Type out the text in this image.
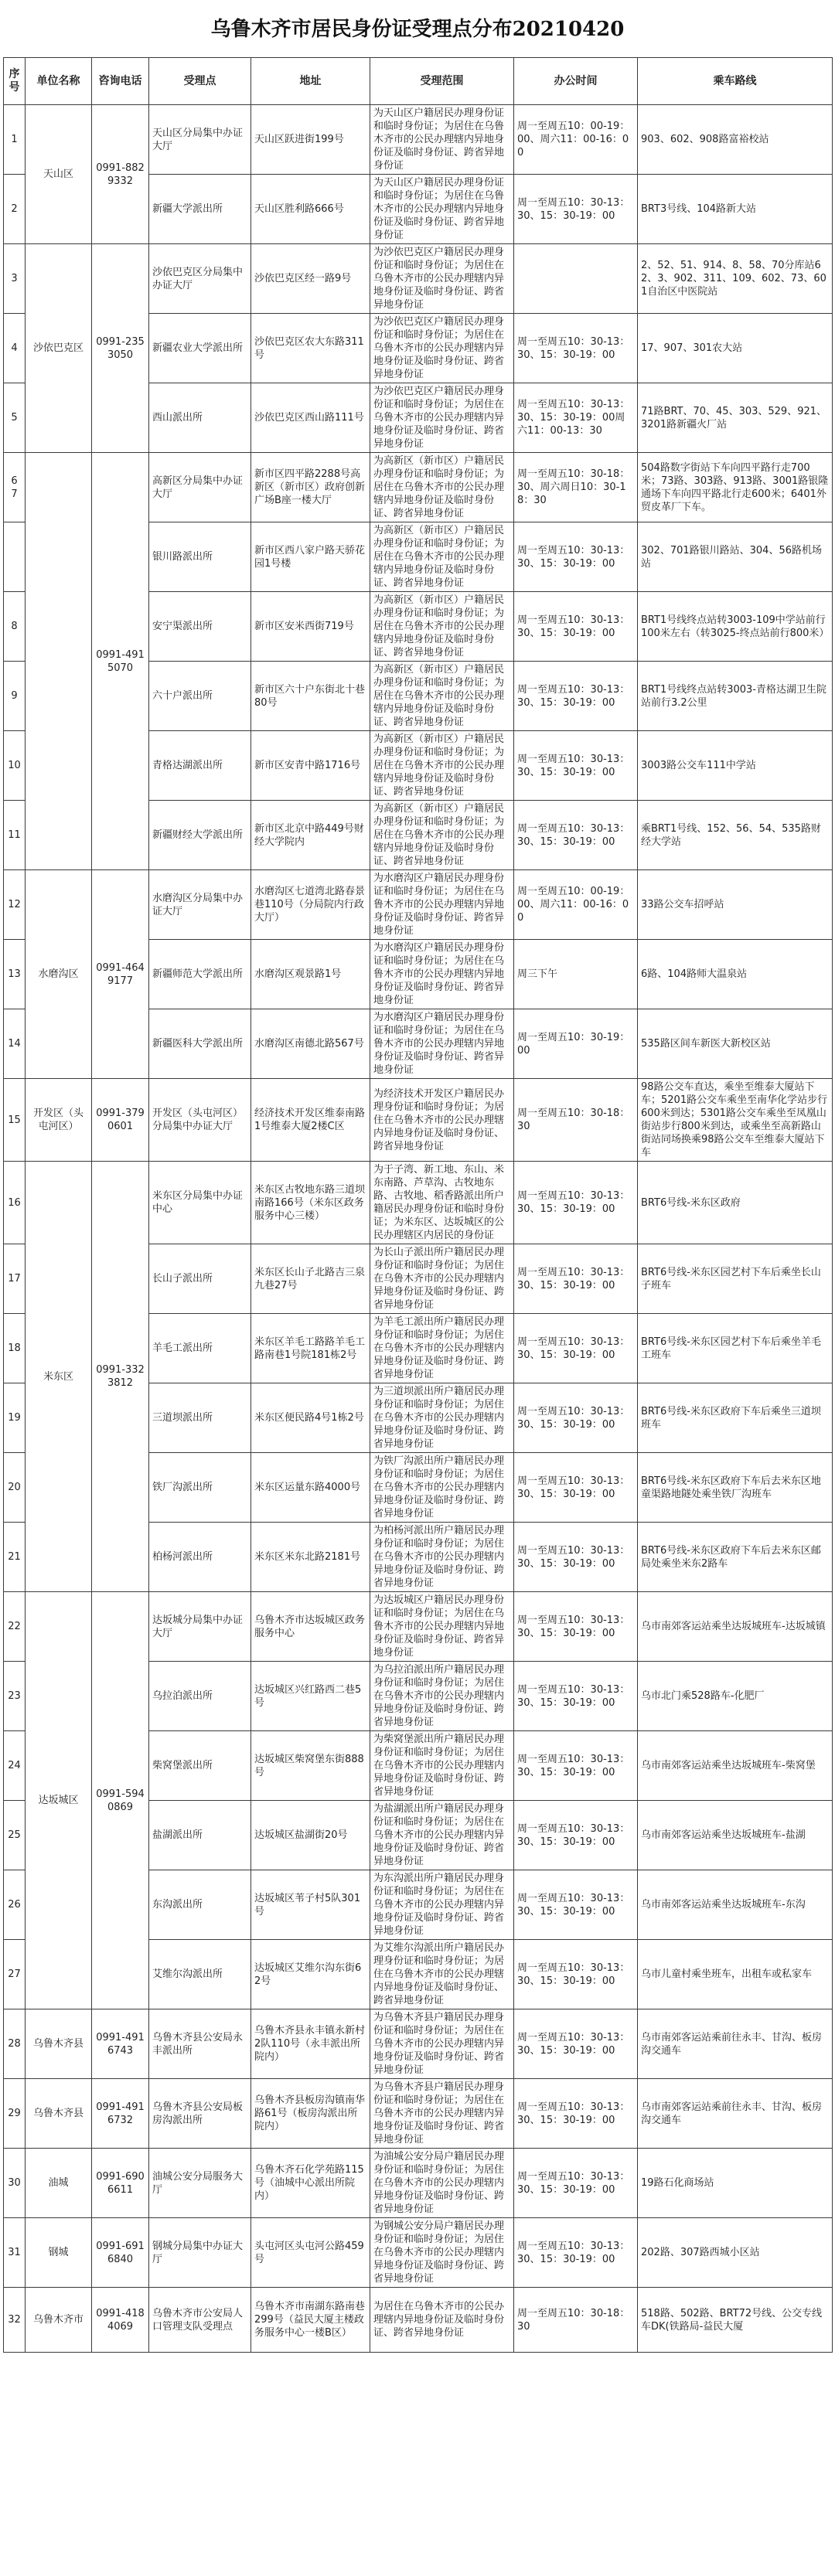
乌鲁木齐市居民身份证受理点分布20210420
序号	单位名称	咨询电话	受理点	地址	受理范围	办公时间	乘车路线
1	天山区	0991-8829332	天山区分局集中办证大厅	天山区跃进街199号	为天山区户籍居民办理身份证和临时身份证；为居住在乌鲁木齐市的公民办理辖内异地身份证及临时身份证、跨省异地身份证	周一至周五10：00-19：00、周六11：00-16：00	903、602、908路富裕校站
2			新疆大学派出所	天山区胜利路666号	为天山区户籍居民办理身份证和临时身份证；为居住在乌鲁木齐市的公民办理辖内异地身份证及临时身份证、跨省异地身份证	周一至周五10：30-13：30、15：30-19：00	BRT3号线、104路新大站
3	沙依巴克区	0991-2353050	沙依巴克区分局集中办证大厅	沙依巴克区经一路9号	为沙依巴克区户籍居民办理身份证和临时身份证；为居住在乌鲁木齐市的公民办理辖内异地身份证及临时身份证、跨省异地身份证		2、52、51、914、8、58、70分库站62、3、902、311、109、602、73、601自治区中医院站
4			新疆农业大学派出所	沙依巴克区农大东路311号	为沙依巴克区户籍居民办理身份证和临时身份证；为居住在乌鲁木齐市的公民办理辖内异地身份证及临时身份证、跨省异地身份证	周一至周五10：30-13：30、15：30-19：00	17、907、301农大站
5			西山派出所	沙依巴克区西山路111号	为沙依巴克区户籍居民办理身份证和临时身份证；为居住在乌鲁木齐市的公民办理辖内异地身份证及临时身份证、跨省异地身份证	周一至周五10：30-13：30、15：30-19：00周六11：00-13：30	71路BRT、70、45、303、529、921、3201路新疆火厂站
6 7		0991-4915070	高新区分局集中办证大厅	新市区四平路2288号高新区（新市区）政府创新广场B座一楼大厅	为高新区（新市区）户籍居民办理身份证和临时身份证；为居住在乌鲁木齐市的公民办理辖内异地身份证及临时身份证、跨省异地身份证	周一至周五10：30-18：30、周六周日10：30-18：30	504路数字街站下车向四平路行走700米；73路、303路、913路、3001路银隆通场下车向四平路北行走600米；6401外贸皮革厂下车。
			银川路派出所	新市区西八家户路天骄花园1号楼	为高新区（新市区）户籍居民办理身份证和临时身份证；为居住在乌鲁木齐市的公民办理辖内异地身份证及临时身份证、跨省异地身份证	周一至周五10：30-13：30、15：30-19：00	302、701路银川路站、304、56路机场站
8			安宁渠派出所	新市区安米西街719号	为高新区（新市区）户籍居民办理身份证和临时身份证；为居住在乌鲁木齐市的公民办理辖内异地身份证及临时身份证、跨省异地身份证	周一至周五10：30-13：30、15：30-19：00	BRT1号线终点站转3003-109中学站前行100米左右（转3025-终点站前行800米）
9			六十户派出所	新市区六十户东街北十巷80号	为高新区（新市区）户籍居民办理身份证和临时身份证；为居住在乌鲁木齐市的公民办理辖内异地身份证及临时身份证、跨省异地身份证	周一至周五10：30-13：30、15：30-19：00	BRT1号线终点站转3003-青格达湖卫生院站前行3.2公里
10			青格达湖派出所	新市区安青中路1716号	为高新区（新市区）户籍居民办理身份证和临时身份证；为居住在乌鲁木齐市的公民办理辖内异地身份证及临时身份证、跨省异地身份证	周一至周五10：30-13：30、15：30-19：00	3003路公交车111中学站
11			新疆财经大学派出所	新市区北京中路449号财经大学院内	为高新区（新市区）户籍居民办理身份证和临时身份证；为居住在乌鲁木齐市的公民办理辖内异地身份证及临时身份证、跨省异地身份证	周一至周五10：30-13：30、15：30-19：00	乘BRT1号线、152、56、54、535路财经大学站
12	水磨沟区	0991-4649177	水磨沟区分局集中办证大厅	水磨沟区七道湾北路春景巷110号（分局院内行政大厅）	为水磨沟区户籍居民办理身份证和临时身份证；为居住在乌鲁木齐市的公民办理辖内异地身份证及临时身份证、跨省异地身份证	周一至周五10：00-19：00、周六11：00-16：00	33路公交车招呼站
13			新疆师范大学派出所	水磨沟区观景路1号	为水磨沟区户籍居民办理身份证和临时身份证；为居住在乌鲁木齐市的公民办理辖内异地身份证及临时身份证、跨省异地身份证	周三下午	6路、104路师大温泉站
14			新疆医科大学派出所	水磨沟区南德北路567号	为水磨沟区户籍居民办理身份证和临时身份证；为居住在乌鲁木齐市的公民办理辖内异地身份证及临时身份证、跨省异地身份证	周一至周五10：30-19：00	535路区间车新医大新校区站
15	开发区（头屯河区）	0991-3790601	开发区（头屯河区）分局集中办证大厅	经济技术开发区维泰南路1号维泰大厦2楼C区	为经济技术开发区户籍居民办理身份证和临时身份证；为居住在乌鲁木齐市的公民办理辖内异地身份证及临时身份证、跨省异地身份证	周一至周五10：30-18：30	98路公交车直达，乘坐至维泰大厦站下车；5201路公交车乘坐至南华化学站步行600米到达；5301路公交车乘坐至凤凰山街站步行800米到达，或乘坐至高新路山街站同场换乘98路公交车至维泰大厦站下车
16	米东区	0991-3323812	米东区分局集中办证中心	米东区古牧地东路三道坝南路166号（米东区政务服务中心三楼）	为于子湾、新工地、东山、米东南路、芦草沟、古牧地东路、古牧地、稻香路派出所户籍居民办理身份证和临时身份证；为米东区、达坂城区的公民办理辖区内居民的身份证	周一至周五10：30-13：30、15：30-19：00	BRT6号线-米东区政府
17			长山子派出所	米东区长山子北路吉三泉九巷27号	为长山子派出所户籍居民办理身份证和临时身份证；为居住在乌鲁木齐市的公民办理辖内异地身份证及临时身份证、跨省异地身份证	周一至周五10：30-13：30、15：30-19：00	BRT6号线-米东区园艺村下车后乘坐长山子班车
18			羊毛工派出所	米东区羊毛工路路羊毛工路南巷1号院181栋2号	为羊毛工派出所户籍居民办理身份证和临时身份证；为居住在乌鲁木齐市的公民办理辖内异地身份证及临时身份证、跨省异地身份证	周一至周五10：30-13：30、15：30-19：00	BRT6号线-米东区园艺村下车后乘坐羊毛工班车
19			三道坝派出所	米东区便民路4号1栋2号	为三道坝派出所户籍居民办理身份证和临时身份证；为居住在乌鲁木齐市的公民办理辖内异地身份证及临时身份证、跨省异地身份证	周一至周五10：30-13：30、15：30-19：00	BRT6号线-米东区政府下车后乘坐三道坝班车
20			铁厂沟派出所	米东区运量东路4000号	为铁厂沟派出所户籍居民办理身份证和临时身份证；为居住在乌鲁木齐市的公民办理辖内异地身份证及临时身份证、跨省异地身份证	周一至周五10：30-13：30、15：30-19：00	BRT6号线-米东区政府下车后去米东区地童渠路地隧处乘坐铁厂沟班车
21			柏杨河派出所	米东区米东北路2181号	为柏杨河派出所户籍居民办理身份证和临时身份证；为居住在乌鲁木齐市的公民办理辖内异地身份证及临时身份证、跨省异地身份证	周一至周五10：30-13：30、15：30-19：00	BRT6号线-米东区政府下车后去米东区邮局处乘坐米东2路车
22	达坂城区	0991-5940869	达坂城分局集中办证大厅	乌鲁木齐市达坂城区政务服务中心	为达坂城区户籍居民办理身份证和临时身份证；为居住在乌鲁木齐市的公民办理辖内异地身份证及临时身份证、跨省异地身份证	周一至周五10：30-13：30、15：30-19：00	乌市南郊客运站乘坐达坂城班车-达坂城镇
23			乌拉泊派出所	达坂城区兴红路西二巷5号	为乌拉泊派出所户籍居民办理身份证和临时身份证；为居住在乌鲁木齐市的公民办理辖内异地身份证及临时身份证、跨省异地身份证	周一至周五10：30-13：30、15：30-19：00	乌市北门乘528路车-化肥厂
24			柴窝堡派出所	达坂城区柴窝堡东街888号	为柴窝堡派出所户籍居民办理身份证和临时身份证；为居住在乌鲁木齐市的公民办理辖内异地身份证及临时身份证、跨省异地身份证	周一至周五10：30-13：30、15：30-19：00	乌市南郊客运站乘坐达坂城班车-柴窝堡
25			盐湖派出所	达坂城区盐湖街20号	为盐湖派出所户籍居民办理身份证和临时身份证；为居住在乌鲁木齐市的公民办理辖内异地身份证及临时身份证、跨省异地身份证	周一至周五10：30-13：30、15：30-19：00	乌市南郊客运站乘坐达坂城班车-盐湖
26			东沟派出所	达坂城区苇子村5队301号	为东沟派出所户籍居民办理身份证和临时身份证；为居住在乌鲁木齐市的公民办理辖内异地身份证及临时身份证、跨省异地身份证	周一至周五10：30-13：30、15：30-19：00	乌市南郊客运站乘坐达坂城班车-东沟
27			艾维尔沟派出所	达坂城区艾维尔沟东街62号	为艾维尔沟派出所户籍居民办理身份证和临时身份证；为居住在乌鲁木齐市的公民办理辖内异地身份证及临时身份证、跨省异地身份证	周一至周五10：30-13：30、15：30-19：00	乌市儿童村乘坐班车，出租车或私家车
28	乌鲁木齐县	0991-4916743	乌鲁木齐县公安局永丰派出所	乌鲁木齐县永丰镇永新村2队110号（永丰派出所院内）	为乌鲁木齐县户籍居民办理身份证和临时身份证；为居住在乌鲁木齐市的公民办理辖内异地身份证及临时身份证、跨省异地身份证	周一至周五10：30-13：30、15：30-19：00	乌市南郊客运站乘前往永丰、甘沟、板房沟交通车
29	乌鲁木齐县	0991-4916732	乌鲁木齐县公安局板房沟派出所	乌鲁木齐县板房沟镇南华路61号（板房沟派出所院内）	为乌鲁木齐县户籍居民办理身份证和临时身份证；为居住在乌鲁木齐市的公民办理辖内异地身份证及临时身份证、跨省异地身份证	周一至周五10：30-13：30、15：30-19：00	乌市南郊客运站乘前往永丰、甘沟、板房沟交通车
30	油城	0991-6906611	油城公安分局服务大厅	乌鲁木齐石化学苑路115号（油城中心派出所院内）	为油城公安分局户籍居民办理身份证和临时身份证；为居住在乌鲁木齐市的公民办理辖内异地身份证及临时身份证、跨省异地身份证	周一至周五10：30-13：30、15：30-19：00	19路石化商场站
31	钢城	0991-6916840	钢城分局集中办证大厅	头屯河区头屯河公路459号	为钢城公安分局户籍居民办理身份证和临时身份证；为居住在乌鲁木齐市的公民办理辖内异地身份证及临时身份证、跨省异地身份证	周一至周五10：30-13：30、15：30-19：00	202路、307路西城小区站
32	乌鲁木齐市	0991-4184069	乌鲁木齐市公安局人口管理支队受理点	乌鲁木齐市南湖东路南巷299号（益民大厦主楼政务服务中心一楼B区）	为居住在乌鲁木齐市的公民办理辖内异地身份证及临时身份证、跨省异地身份证	周一至周五10：30-18：30	518路、502路、BRT72号线、公交专线车DK(铁路局-益民大厦
